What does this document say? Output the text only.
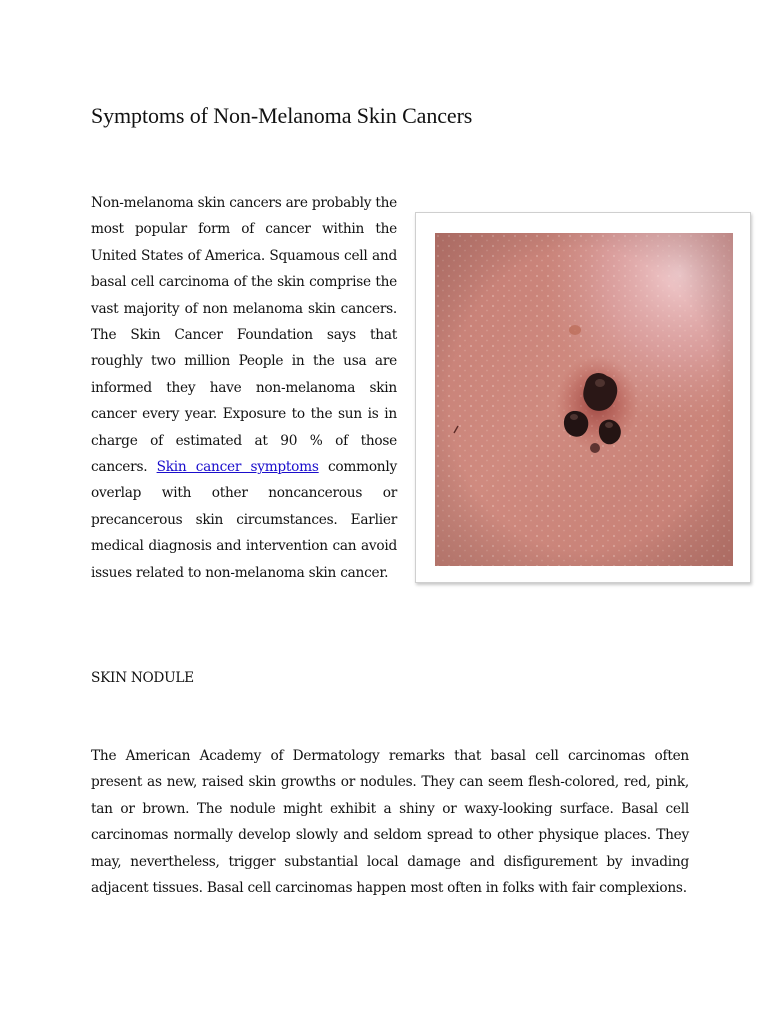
Symptoms of Non-Melanoma Skin Cancers

Non-melanoma skin cancers are probably the most popular form of cancer within the United States of America. Squamous cell and basal cell carcinoma of the skin comprise the vast majority of non melanoma skin cancers. The Skin Cancer Foundation says that roughly two million People in the usa are informed they have non-melanoma skin cancer every year. Exposure to the sun is in charge of estimated at 90 % of those cancers. Skin cancer symptoms commonly overlap with other noncancerous or precancerous skin circumstances. Earlier medical diagnosis and intervention can avoid issues related to non-melanoma skin cancer.

SKIN NODULE

The American Academy of Dermatology remarks that basal cell carcinomas often present as new, raised skin growths or nodules. They can seem flesh-colored, red, pink, tan or brown. The nodule might exhibit a shiny or waxy-looking surface. Basal cell carcinomas normally develop slowly and seldom spread to other physique places. They may, nevertheless, trigger substantial local damage and disfigurement by invading adjacent tissues. Basal cell carcinomas happen most often in folks with fair complexions.
